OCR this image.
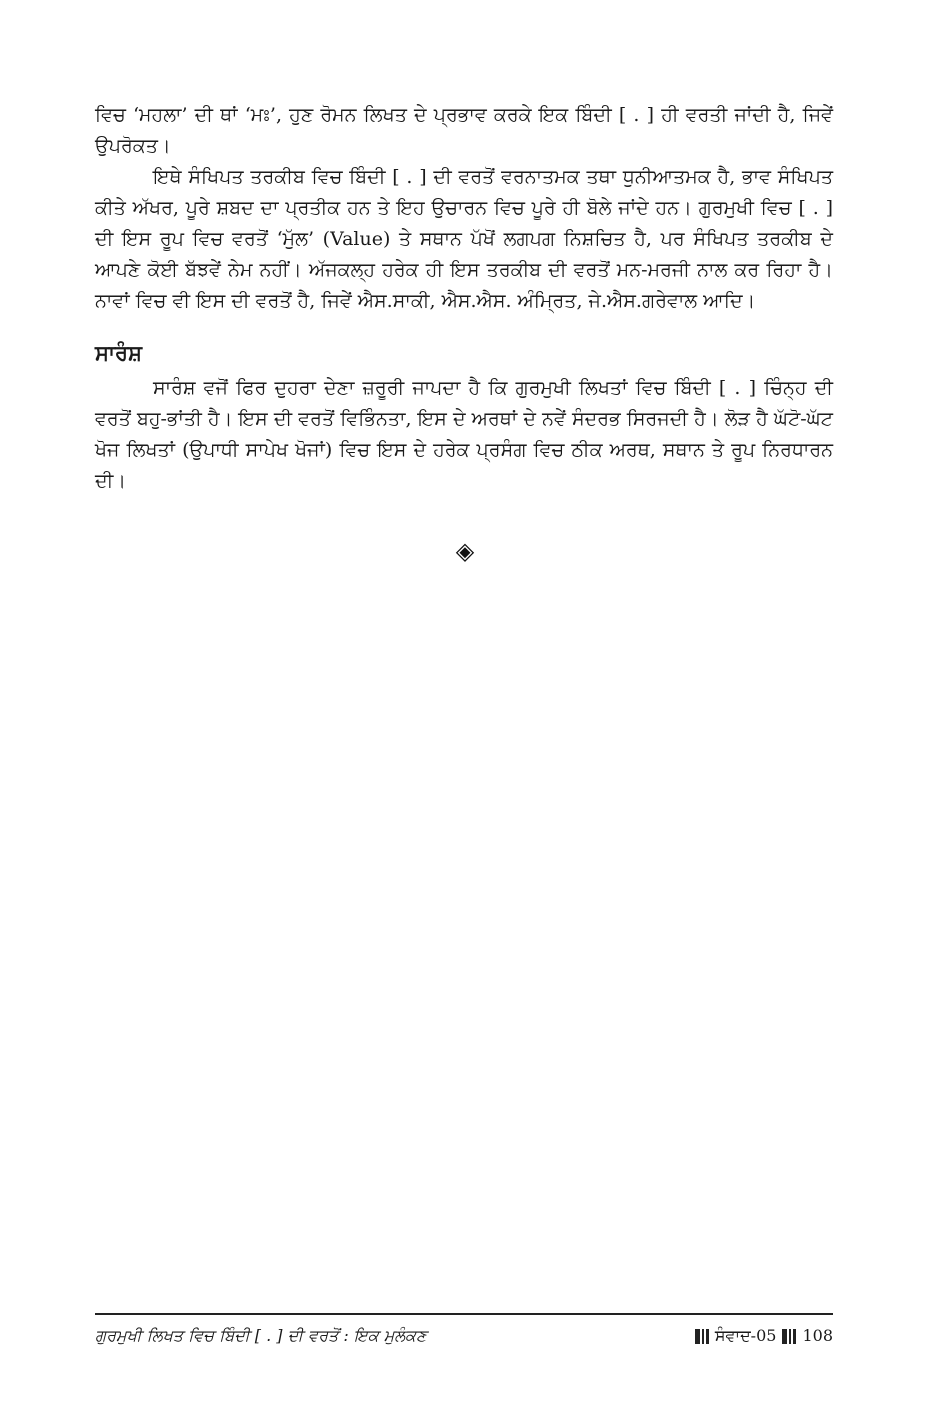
ਵਿਚ ‘ਮਹਲਾ’ ਦੀ ਥਾਂ ‘ਮਃ’, ਹੁਣ ਰੋਮਨ ਲਿਖਤ ਦੇ ਪ੍ਰਭਾਵ ਕਰਕੇ ਇਕ ਬਿੰਦੀ [ . ] ਹੀ ਵਰਤੀ ਜਾਂਦੀ ਹੈ, ਜਿਵੇਂ ਉਪਰੋਕਤ।

ਇਥੇ ਸੰਖਿਪਤ ਤਰਕੀਬ ਵਿਚ ਬਿੰਦੀ [ . ] ਦੀ ਵਰਤੋਂ ਵਰਨਾਤਮਕ ਤਥਾ ਧੁਨੀਆਤਮਕ ਹੈ, ਭਾਵ ਸੰਖਿਪਤ ਕੀਤੇ ਅੱਖਰ, ਪੂਰੇ ਸ਼ਬਦ ਦਾ ਪ੍ਰਤੀਕ ਹਨ ਤੇ ਇਹ ਉਚਾਰਨ ਵਿਚ ਪੂਰੇ ਹੀ ਬੋਲੇ ਜਾਂਦੇ ਹਨ। ਗੁਰਮੁਖੀ ਵਿਚ [ . ] ਦੀ ਇਸ ਰੂਪ ਵਿਚ ਵਰਤੋਂ ‘ਮੁੱਲ’ (Value) ਤੇ ਸਥਾਨ ਪੱਖੋਂ ਲਗਪਗ ਨਿਸ਼ਚਿਤ ਹੈ, ਪਰ ਸੰਖਿਪਤ ਤਰਕੀਬ ਦੇ ਆਪਣੇ ਕੋਈ ਬੱਝਵੇਂ ਨੇਮ ਨਹੀਂ। ਅੱਜਕਲ੍ਹ ਹਰੇਕ ਹੀ ਇਸ ਤਰਕੀਬ ਦੀ ਵਰਤੋਂ ਮਨ-ਮਰਜੀ ਨਾਲ ਕਰ ਰਿਹਾ ਹੈ। ਨਾਵਾਂ ਵਿਚ ਵੀ ਇਸ ਦੀ ਵਰਤੋਂ ਹੈ, ਜਿਵੇਂ ਐਸ.ਸਾਕੀ, ਐਸ.ਐਸ. ਅੰਮ੍ਰਿਤ, ਜੇ.ਐਸ.ਗਰੇਵਾਲ ਆਦਿ।

ਸਾਰੰਸ਼

ਸਾਰੰਸ਼ ਵਜੋਂ ਫਿਰ ਦੁਹਰਾ ਦੇਣਾ ਜ਼ਰੂਰੀ ਜਾਪਦਾ ਹੈ ਕਿ ਗੁਰਮੁਖੀ ਲਿਖਤਾਂ ਵਿਚ ਬਿੰਦੀ [ . ] ਚਿੰਨ੍ਹ ਦੀ ਵਰਤੋਂ ਬਹੁ-ਭਾਂਤੀ ਹੈ। ਇਸ ਦੀ ਵਰਤੋਂ ਵਿਭਿੰਨਤਾ, ਇਸ ਦੇ ਅਰਥਾਂ ਦੇ ਨਵੇਂ ਸੰਦਰਭ ਸਿਰਜਦੀ ਹੈ। ਲੋੜ ਹੈ ਘੱਟੋ-ਘੱਟ ਖੋਜ ਲਿਖਤਾਂ (ਉਪਾਧੀ ਸਾਪੇਖ ਖੋਜਾਂ) ਵਿਚ ਇਸ ਦੇ ਹਰੇਕ ਪ੍ਰਸੰਗ ਵਿਚ ਠੀਕ ਅਰਥ, ਸਥਾਨ ਤੇ ਰੂਪ ਨਿਰਧਾਰਨ ਦੀ।

◈
ਗੁਰਮੁਖੀ ਲਿਖਤ ਵਿਚ ਬਿੰਦੀ [ . ] ਦੀ ਵਰਤੋਂ : ਇਕ ਮੁਲੰਕਣ	ਸੰਵਾਦ-05 108
